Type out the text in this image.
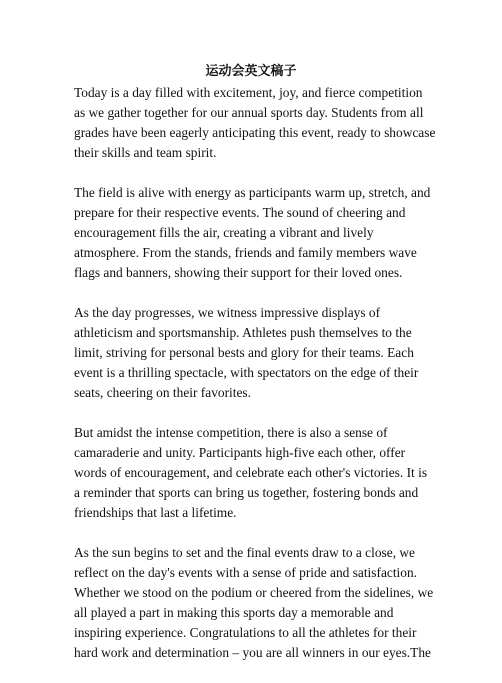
运动会英文稿子

Today is a day filled with excitement, joy, and fierce competition as we gather together for our annual sports day. Students from all grades have been eagerly anticipating this event, ready to showcase their skills and team spirit.

The field is alive with energy as participants warm up, stretch, and prepare for their respective events. The sound of cheering and encouragement fills the air, creating a vibrant and lively atmosphere. From the stands, friends and family members wave flags and banners, showing their support for their loved ones.

As the day progresses, we witness impressive displays of athleticism and sportsmanship. Athletes push themselves to the limit, striving for personal bests and glory for their teams. Each event is a thrilling spectacle, with spectators on the edge of their seats, cheering on their favorites.

But amidst the intense competition, there is also a sense of camaraderie and unity. Participants high-five each other, offer words of encouragement, and celebrate each other's victories. It is a reminder that sports can bring us together, fostering bonds and friendships that last a lifetime.

As the sun begins to set and the final events draw to a close, we reflect on the day's events with a sense of pride and satisfaction. Whether we stood on the podium or cheered from the sidelines, we all played a part in making this sports day a memorable and inspiring experience. Congratulations to all the athletes for their hard work and determination – you are all winners in our eyes.The
